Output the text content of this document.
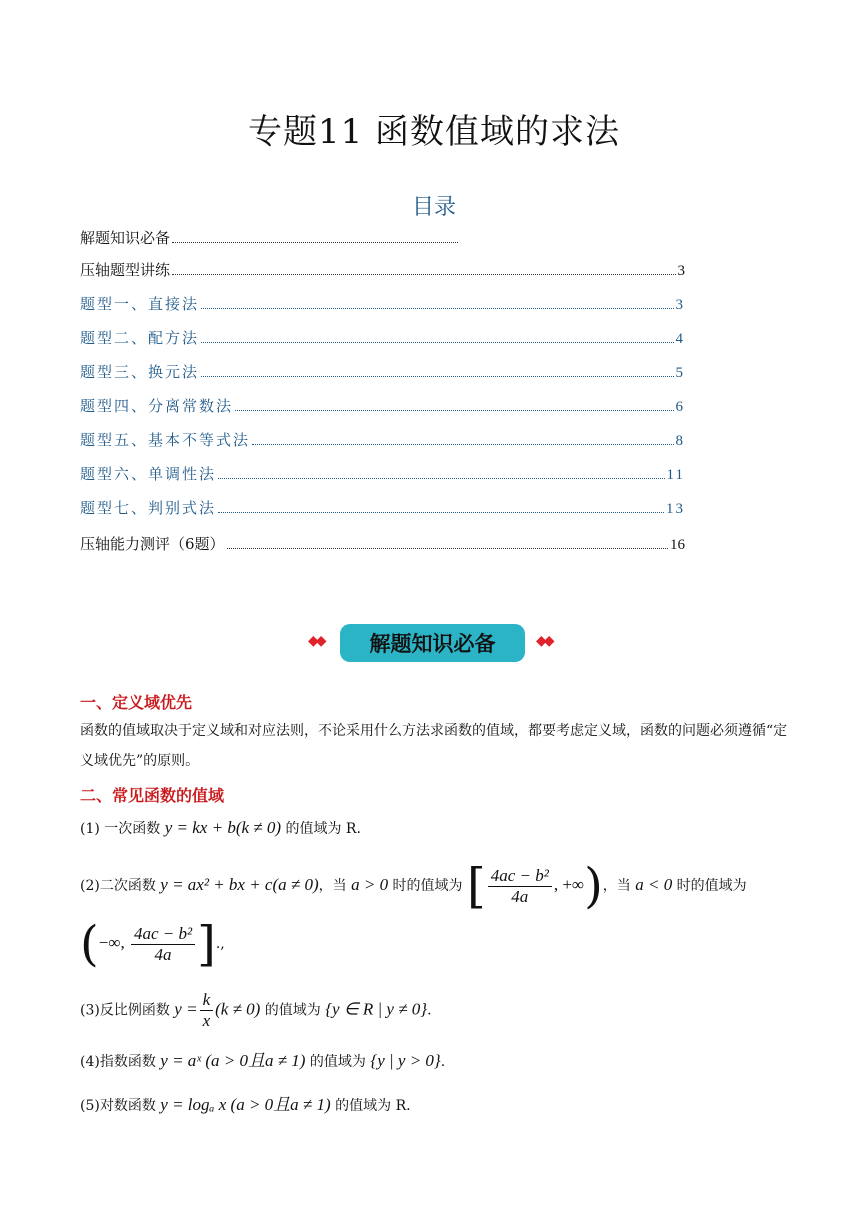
专题11 函数值域的求法
目录
解题知识必备
压轴题型讲练	3
题型一、直接法	3
题型二、配方法	4
题型三、换元法	5
题型四、分离常数法	6
题型五、基本不等式法	8
题型六、单调性法	11
题型七、判别式法	13
压轴能力测评（6题）	16
◆◆	解题知识必备	◆◆
一、定义域优先
函数的值域取决于定义域和对应法则，不论采用什么方法求函数的值域，都要考虑定义域，函数的问题必须遵循“定义域优先”的原则。
二、常见函数的值域
(1) 一次函数 y = kx + b(k ≠ 0) 的值域为 R.
(2)二次函数 y = ax² + bx + c(a ≠ 0)，当 a > 0 时的值域为 [ $\frac{\text{4ac − b²}}{4a}$ , +∞)，当 a < 0 时的值域为
(−∞, $\frac{\text{4ac − b²}}{4a}$ ].,
(3)反比例函数 $y = \frac{k}{x} (k \ne 0)$ 的值域为 {y ∈ R | y ≠ 0}.
(4)指数函数 y = aˣ (a > 0且a ≠ 1) 的值域为 {y | y > 0}.
(5)对数函数 y = logₐ x (a > 0且a ≠ 1) 的值域为 R.
